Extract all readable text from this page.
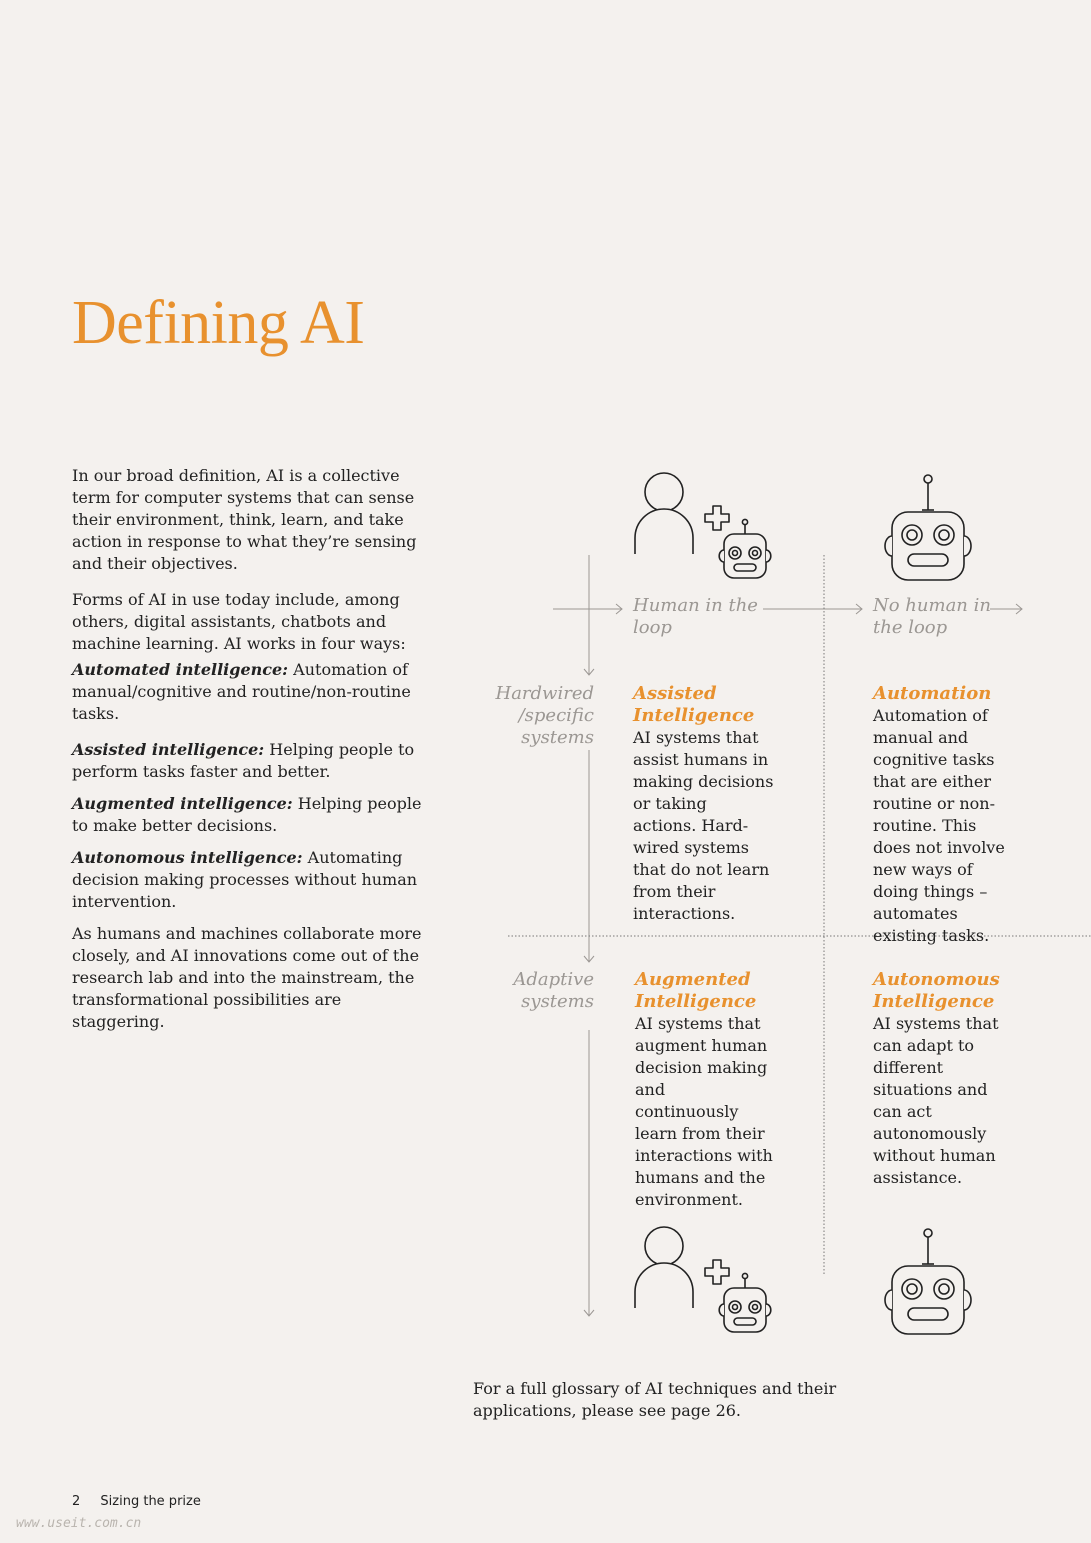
Defining AI

In our broad definition, AI is a collective term for computer systems that can sense their environment, think, learn, and take action in response to what they’re sensing and their objectives.

Forms of AI in use today include, among others, digital assistants, chatbots and machine learning. AI works in four ways:

Automated intelligence: Automation of manual/cognitive and routine/non-routine tasks.

Assisted intelligence: Helping people to perform tasks faster and better.

Augmented intelligence: Helping people to make better decisions.

Autonomous intelligence: Automating decision making processes without human intervention.

As humans and machines collaborate more closely, and AI innovations come out of the research lab and into the mainstream, the transformational possibilities are staggering.

Human in the loop
No human in the loop
Hardwired /specific systems
Adaptive systems
Assisted Intelligence
AI systems that assist humans in making decisions or taking actions. Hard-wired systems that do not learn from their interactions.
Automation
Automation of manual and cognitive tasks that are either routine or non-routine. This does not involve new ways of doing things – automates existing tasks.
Augmented Intelligence
AI systems that augment human decision making and continuously learn from their interactions with humans and the environment.
Autonomous Intelligence
AI systems that can adapt to different situations and can act autonomously without human assistance.
For a full glossary of AI techniques and their applications, please see page 26.
2 Sizing the prize
www.useit.com.cn
